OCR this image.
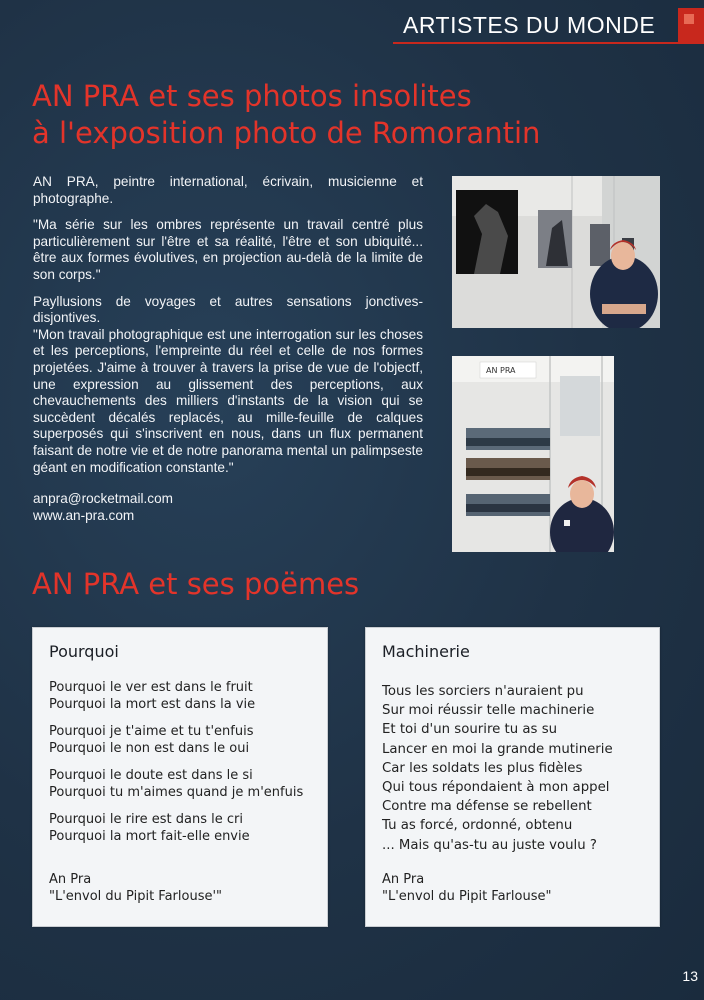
ARTISTES DU MONDE
AN PRA et ses photos insolites
à l'exposition photo de Romorantin

AN PRA, peintre international, écrivain, musicienne et photographe.

"Ma série sur les ombres représente un travail centré plus particulièrement sur l'être et sa réalité, l'être et son ubiquité... être aux formes évolutives, en projection au-delà de la limite de son corps."

Payllusions de voyages et autres sensations jonctives-disjontives.

"Mon travail photographique est une interrogation sur les choses et les perceptions, l'empreinte du réel et celle de nos formes projetées. J'aime à trouver à travers la prise de vue de l'objectf, une expression au glissement des perceptions, aux chevauchements des milliers d'instants de la vision qui se succèdent décalés replacés, au mille-feuille de calques superposés qui s'inscrivent en nous, dans un flux permanent faisant de notre vie et de notre panorama mental un palimpseste géant en modification constante."

anpra@rocketmail.com
www.an-pra.com
AN PRA
AN PRA et ses poëmes
Pourquoi
Pourquoi le ver est dans le fruit
Pourquoi la mort est dans la vie
Pourquoi je t'aime et tu t'enfuis
Pourquoi le non est dans le oui
Pourquoi le doute est dans le si
Pourquoi tu m'aimes quand je m'enfuis
Pourquoi le rire est dans le cri
Pourquoi la mort fait-elle envie
An Pra
"L'envol du Pipit Farlouse'"
Machinerie
Tous les sorciers n'auraient pu
Sur moi réussir telle machinerie
Et toi d'un sourire tu as su
Lancer en moi la grande mutinerie
Car les soldats les plus fidèles
Qui tous répondaient à mon appel
Contre ma défense se rebellent
Tu as forcé, ordonné, obtenu
... Mais qu'as-tu au juste voulu ?
An Pra
"L'envol du Pipit Farlouse"
13
